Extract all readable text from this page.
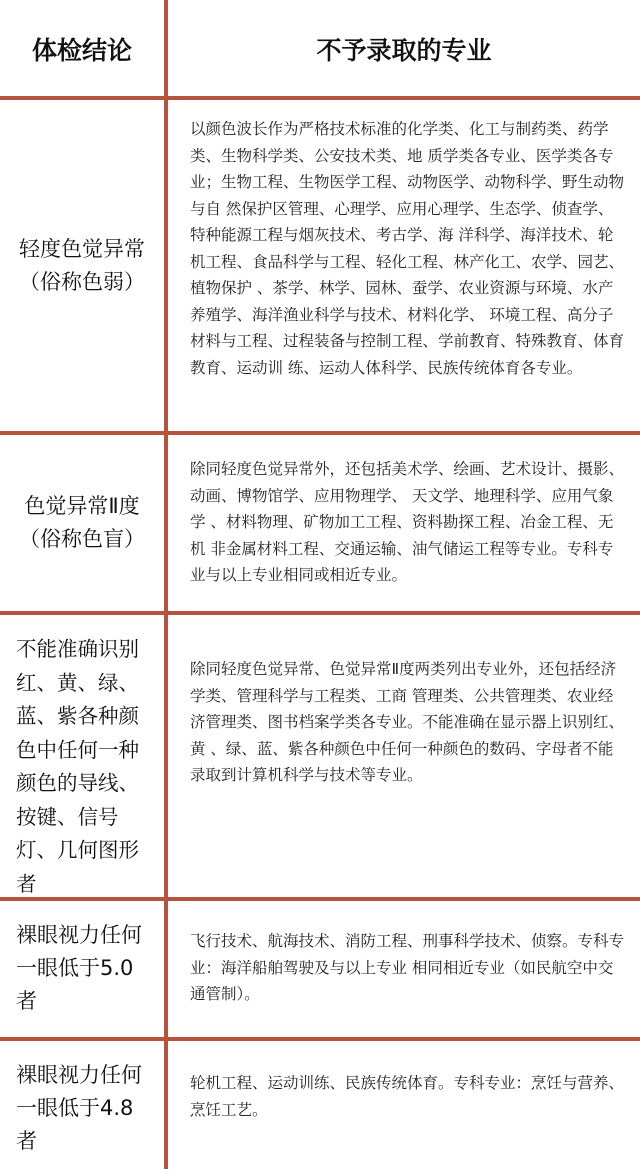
体检结论	不予录取的专业
轻度色觉异常（俗称色弱）
以颜色波长作为严格技术标准的化学类、化工与制药类、药学类、生物科学类、公安技术类、地 质学类各专业、医学类各专业；生物工程、生物医学工程、动物医学、动物科学、野生动物与自 然保护区管理、心理学、应用心理学、生态学、侦查学、特种能源工程与烟灰技术、考古学、海 洋科学、海洋技术、轮机工程、食品科学与工程、轻化工程、林产化工、农学、园艺、植物保护 、茶学、林学、园林、蚕学、农业资源与环境、水产养殖学、海洋渔业科学与技术、材料化学、 环境工程、高分子材料与工程、过程装备与控制工程、学前教育、特殊教育、体育教育、运动训 练、运动人体科学、民族传统体育各专业。
色觉异常Ⅱ度（俗称色盲）
除同轻度色觉异常外，还包括美术学、绘画、艺术设计、摄影、动画、博物馆学、应用物理学、 天文学、地理科学、应用气象学 、材料物理、矿物加工工程、资料勘探工程、冶金工程、无机 非金属材料工程、交通运输、油气储运工程等专业。专科专业与以上专业相同或相近专业。
不能准确识别红、黄、绿、蓝、紫各种颜色中任何一种颜色的导线、按键、信号灯、几何图形者
除同轻度色觉异常、色觉异常Ⅱ度两类列出专业外，还包括经济学类、管理科学与工程类、工商 管理类、公共管理类、农业经济管理类、图书档案学类各专业。不能准确在显示器上识别红、黄 、绿、蓝、紫各种颜色中任何一种颜色的数码、字母者不能录取到计算机科学与技术等专业。
裸眼视力任何一眼低于5.0者
飞行技术、航海技术、消防工程、刑事科学技术、侦察。专科专业：海洋船舶驾驶及与以上专业 相同相近专业（如民航空中交通管制）。
裸眼视力任何一眼低于4.8者
轮机工程、运动训练、民族传统体育。专科专业：烹饪与营养、烹饪工艺。
